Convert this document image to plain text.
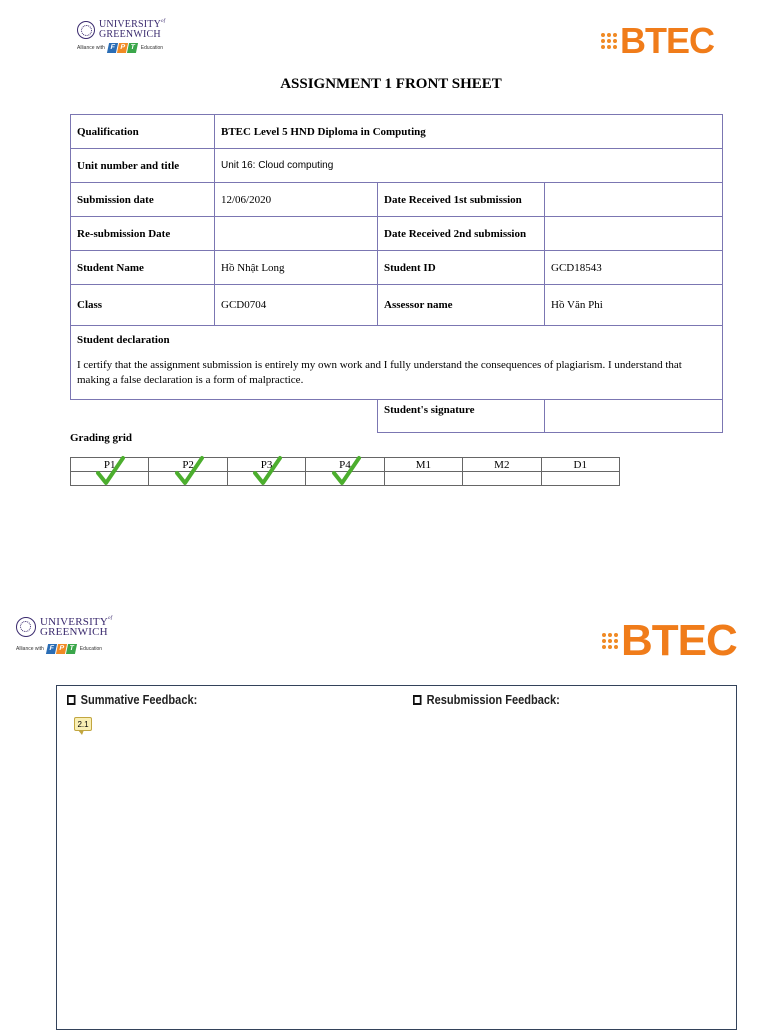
$UNIVERSITY^{of}$
GREENWICH
Alliance with F P T	Education	BTEC
ASSIGNMENT 1 FRONT SHEET
Qualification	BTEC Level 5 HND Diploma in Computing		
Unit number and title	Unit 16: Cloud computing		
Submission date	12/06/2020	Date Received 1st submission	
Re-submission Date		Date Received 2nd submission	
Student Name	Hồ Nhật Long	Student ID	GCD18543
Class	GCD0704	Assessor name	Hồ Văn Phi

Student declaration
I certify that the assignment submission is entirely my own work and I fully understand the consequences of plagiarism. I understand that making a false declaration is a form of malpractice.			

		Student's signature	
Grading grid
P1	P2	P3	P4	M1	M2	D1

$UNIVERSITY^{of}$
GREENWICH
Alliance with F P T	Education	BTEC
Summative Feedback:	Resubmission Feedback:
2.1
